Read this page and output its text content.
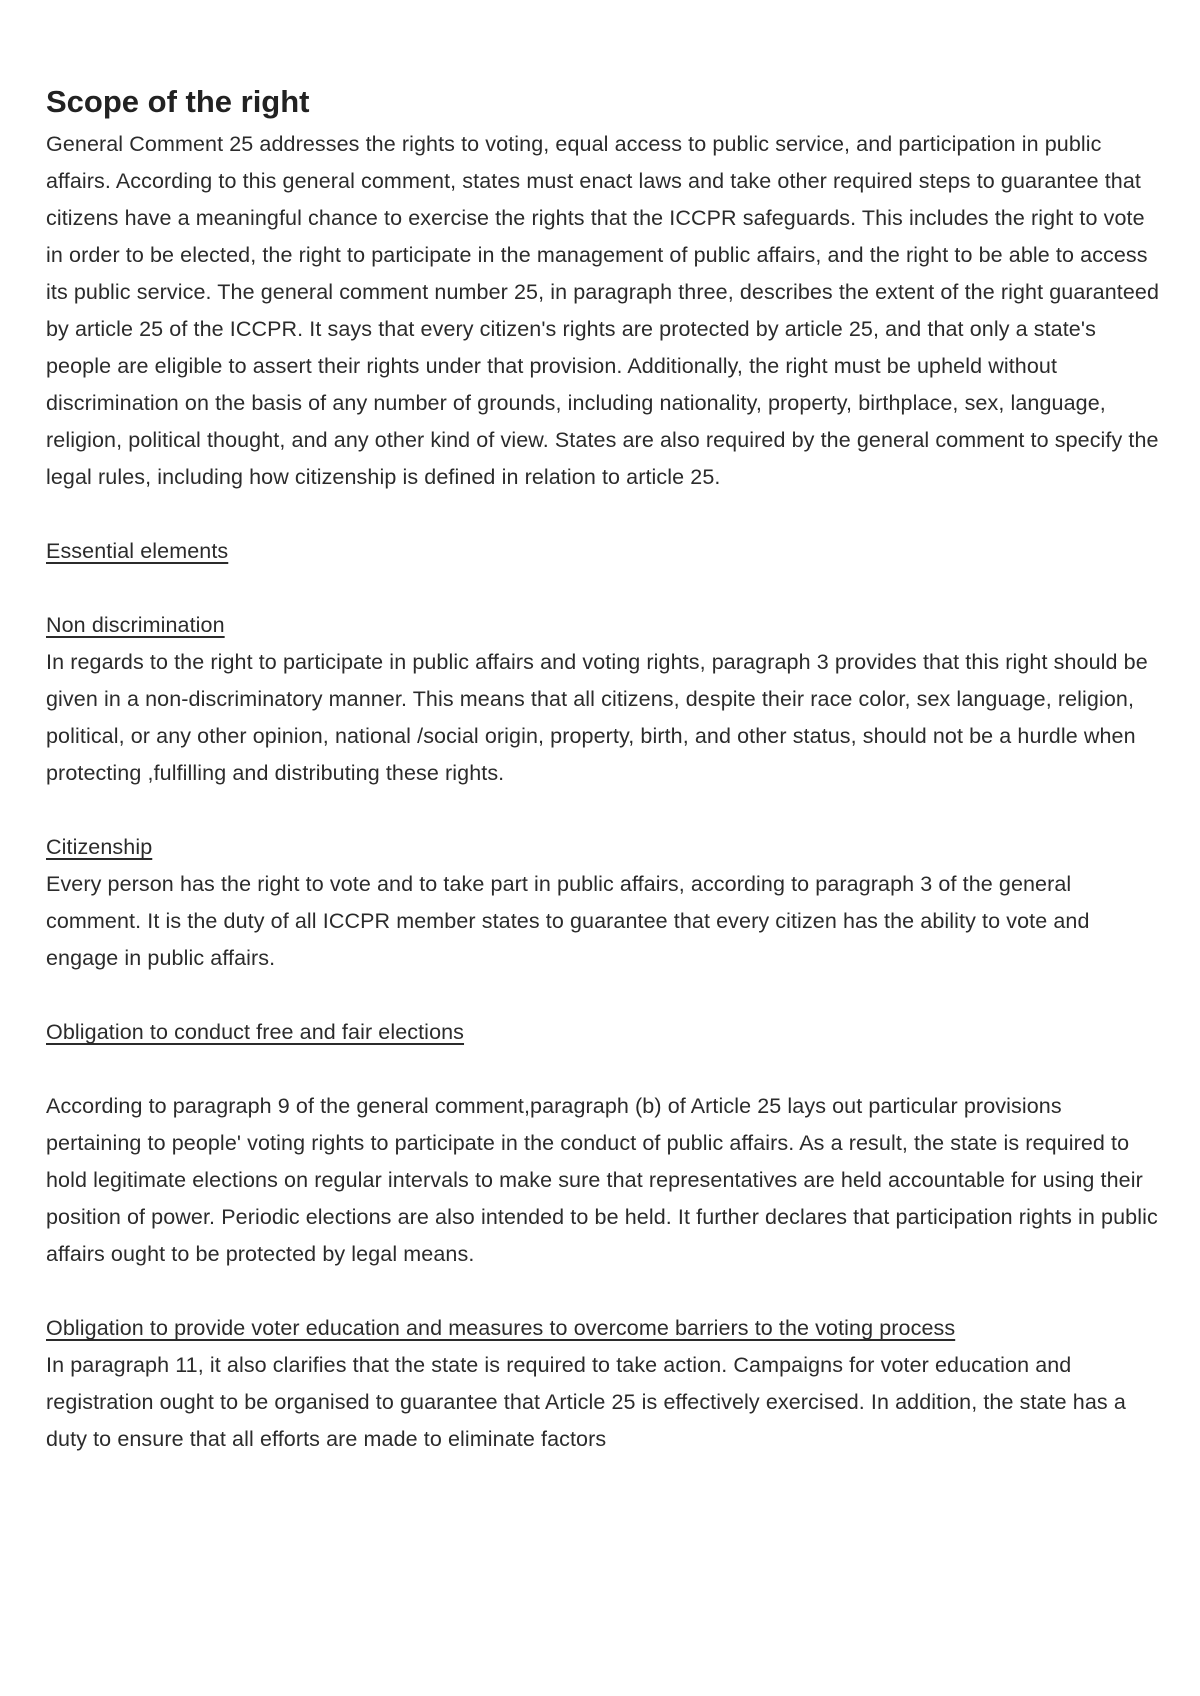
Scope of the right

General Comment 25 addresses the rights to voting, equal access to public service, and participation in public affairs. According to this general comment, states must enact laws and take other required steps to guarantee that citizens have a meaningful chance to exercise the rights that the ICCPR safeguards. This includes the right to vote in order to be elected, the right to participate in the management of public affairs, and the right to be able to access its public service. The general comment number 25, in paragraph three, describes the extent of the right guaranteed by article 25 of the ICCPR. It says that every citizen's rights are protected by article 25, and that only a state's people are eligible to assert their rights under that provision. Additionally, the right must be upheld without discrimination on the basis of any number of grounds, including nationality, property, birthplace, sex, language, religion, political thought, and any other kind of view. States are also required by the general comment to specify the legal rules, including how citizenship is defined in relation to article 25.

Essential elements

Non discrimination

In regards to the right to participate in public affairs and voting rights, paragraph 3 provides that this right should be given in a non-discriminatory manner. This means that all citizens, despite their race color, sex language, religion, political, or any other opinion, national /social origin, property, birth, and other status, should not be a hurdle when protecting ,fulfilling and distributing these rights.

Citizenship

Every person has the right to vote and to take part in public affairs, according to paragraph 3 of the general comment. It is the duty of all ICCPR member states to guarantee that every citizen has the ability to vote and engage in public affairs.

Obligation to conduct free and fair elections

According to paragraph 9 of the general comment,paragraph (b) of Article 25 lays out particular provisions pertaining to people' voting rights to participate in the conduct of public affairs. As a result, the state is required to hold legitimate elections on regular intervals to make sure that representatives are held accountable for using their position of power. Periodic elections are also intended to be held. It further declares that participation rights in public affairs ought to be protected by legal means.

Obligation to provide voter education and measures to overcome barriers to the voting process

In paragraph 11, it also clarifies that the state is required to take action. Campaigns for voter education and registration ought to be organised to guarantee that Article 25 is effectively exercised. In addition, the state has a duty to ensure that all efforts are made to eliminate factors
